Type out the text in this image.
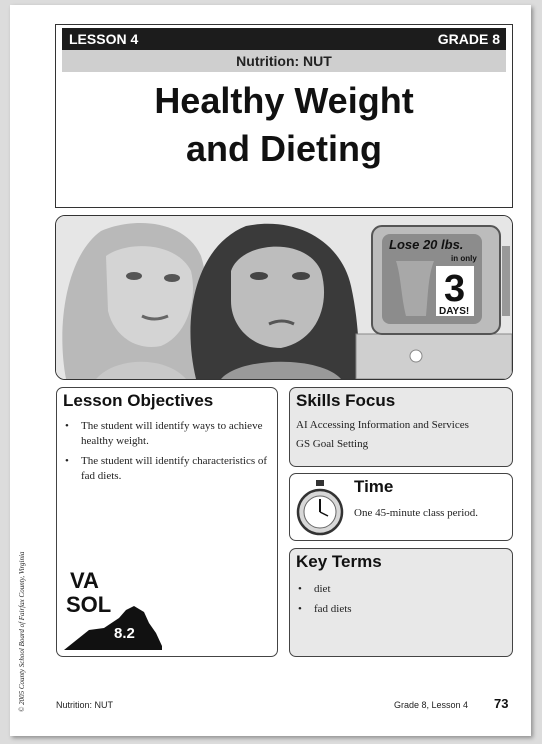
LESSON 4	GRADE 8
Nutrition: NUT
Healthy Weight
and Dieting
Lose 20 lbs.
in only
3
DAYS!
Lesson Objectives
• The student will identify ways to achieve healthy weight.
• The student will identify characteristics of fad diets.
VA
SOL
8.2
Skills Focus
AI Accessing Information and Services
GS Goal Setting
Time
One 45-minute class period.
Key Terms
• diet
• fad diets
Nutrition: NUT	Grade 8, Lesson 4 73
© 2005 County School Board of Fairfax County, Virginia
